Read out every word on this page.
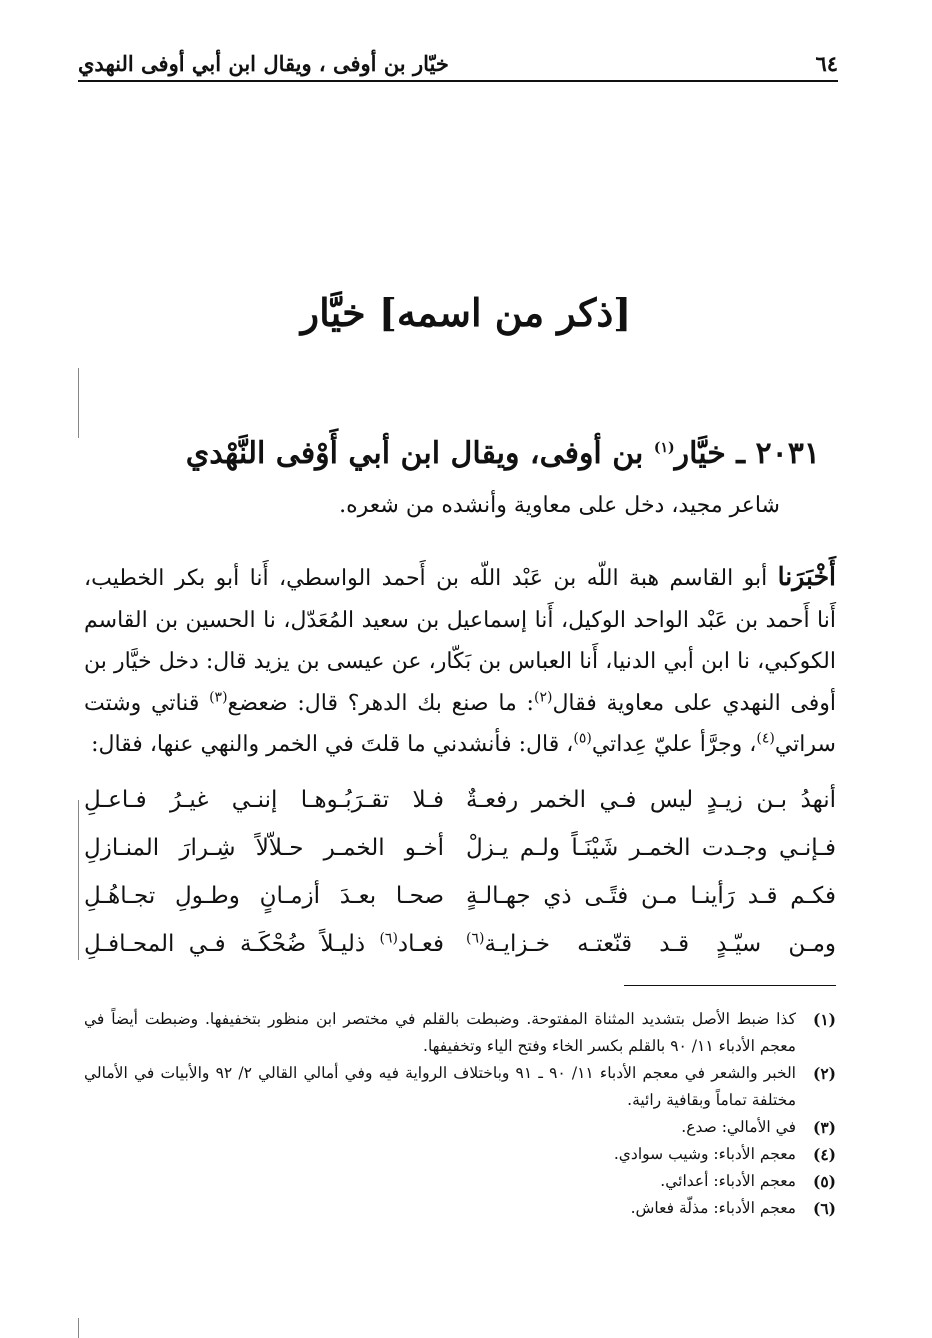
٦٤
خيّار بن أوفى ، ويقال ابن أبي أوفى النهدي
[ذكر من اسمه] خيَّار
٢٠٣١ ـ خيَّار$^{(١)}$ بن أوفى، ويقال ابن أبي أَوْفى النَّهْدي
شاعر مجيد، دخل على معاوية وأنشده من شعره.
أَخْبَرَنا أبو القاسم هبة اللّه بن عَبْد اللّه بن أَحمد الواسطي، أَنا أبو بكر الخطيب،
أَنا أَحمد بن عَبْد الواحد الوكيل، أَنا إسماعيل بن سعيد المُعَدّل، نا الحسين بن القاسم
الكوكبي، نا ابن أبي الدنيا، أَنا العباس بن بَكّار، عن عيسى بن يزيد قال: دخل خيَّار بن
أوفى النهدي على معاوية فقال$^{(٢)}$: ما صنع بك الدهر؟ قال: ضعضع$^{(٣)}$ قناتي وشتت
سراتي$^{(٤)}$، وجرَّأ عليّ عِداتي$^{(٥)}$، قال: فأنشدني ما قلتَ في الخمر والنهي عنها، فقال:
أنهدُ بـن زيـدٍ ليس فـي الخمر رفعـةٌ
فـلا تقـرَبُـوهـا إننـي غيـرُ فـاعـلِ
فـإنـي وجـدت الخمـر شَيْنَـاً ولـم يـزلْ
أخـو الخمـر حـلاّلاً شِـرارَ المنـازلِ
فكـم قـد رَأينـا مـن فتًـى ذي جهـالـةٍ
صحـا بعـدَ أزمـانٍ وطـولِ تجـاهُـلِ
ومـن سيّـدٍ قـد قنّعتـه خـزايـة$^{(٦)}$
فعـاد$^{(٦)}$ ذليـلاً ضُحْكَـة فـي المحـافـلِ
(١)
كذا ضبط الأصل بتشديد المثناة المفتوحة. وضبطت بالقلم في مختصر ابن منظور بتخفيفها. وضبطت أيضاً في معجم الأدباء ١١/ ٩٠ بالقلم بكسر الخاء وفتح الياء وتخفيفها.
(٢)
الخبر والشعر في معجم الأدباء ١١/ ٩٠ ـ ٩١ وباختلاف الرواية فيه وفي أمالي القالي ٢/ ٩٢ والأبيات في الأمالي مختلفة تماماً وبقافية رائية.
(٣)
في الأمالي: صدع.
(٤)
معجم الأدباء: وشيب سوادي.
(٥)
معجم الأدباء: أعدائي.
(٦)
معجم الأدباء: مذلّة فعاش.
